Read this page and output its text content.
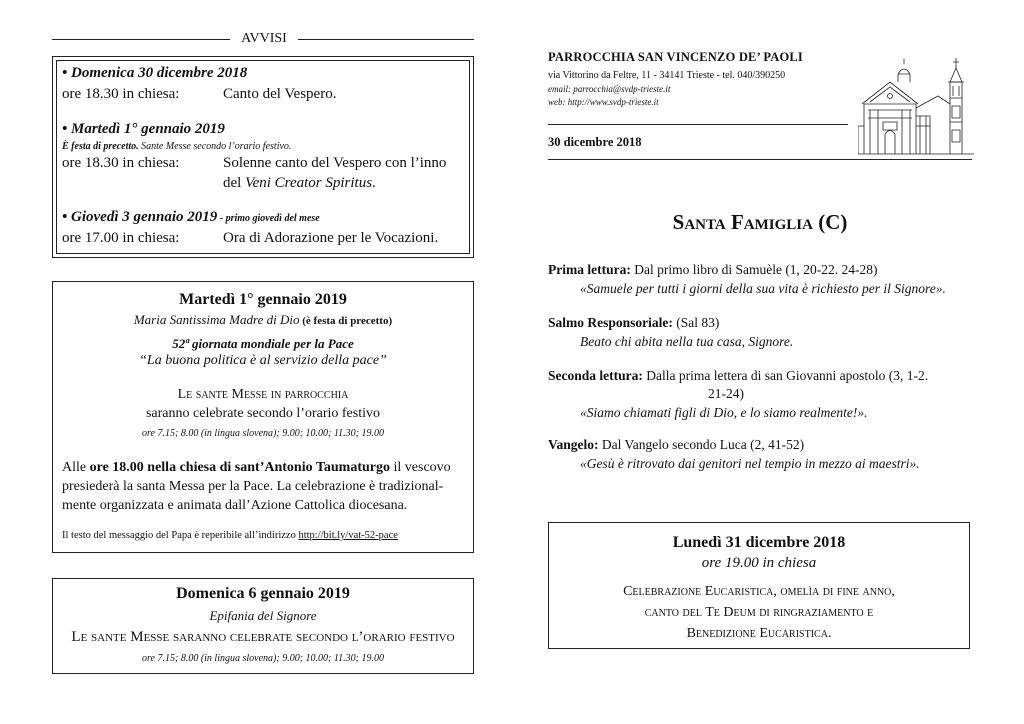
AVVISI
• Domenica 30 dicembre 2018
ore 18.30 in chiesa:	Canto del Vespero.
• Martedì 1° gennaio 2019
È festa di precetto. Sante Messe secondo l’orario festivo.
ore 18.30 in chiesa:	Solenne canto del Vespero con l’inno
del Veni Creator Spiritus.
• Giovedì 3 gennaio 2019 - primo giovedì del mese
ore 17.00 in chiesa:	Ora di Adorazione per le Vocazioni.
Martedì 1° gennaio 2019
Maria Santissima Madre di Dio (è festa di precetto)
52ª giornata mondiale per la Pace
“La buona politica è al servizio della pace”
Le sante Messe in parrocchia
saranno celebrate secondo l’orario festivo
ore 7.15; 8.00 (in lingua slovena); 9.00; 10.00; 11.30; 19.00
Alle ore 18.00 nella chiesa di sant’Antonio Taumaturgo il vescovo
presiederà la santa Messa per la Pace. La celebrazione è tradizional-
mente organizzata e animata dall’Azione Cattolica diocesana.
Il testo del messaggio del Papa è reperibile all’indirizzo http://bit.ly/vat-52-pace
Domenica 6 gennaio 2019
Epifania del Signore
Le sante Messe saranno celebrate secondo l’orario festivo
ore 7.15; 8.00 (in lingua slovena); 9.00; 10.00; 11.30; 19.00
PARROCCHIA SAN VINCENZO DE’ PAOLI
via Vittorino da Feltre, 11 - 34141 Trieste - tel. 040/390250
email: parrocchia@svdp-trieste.it
web: http://www.svdp-trieste.it
30 dicembre 2018
Santa Famiglia (C)
Prima lettura: Dal primo libro di Samuèle (1, 20-22. 24-28)
«Samuele per tutti i giorni della sua vita è richiesto per il Signore».
Salmo Responsoriale: (Sal 83)
Beato chi abita nella tua casa, Signore.
Seconda lettura: Dalla prima lettera di san Giovanni apostolo (3, 1-2.
21-24)
«Siamo chiamati figli di Dio, e lo siamo realmente!».
Vangelo: Dal Vangelo secondo Luca (2, 41-52)
«Gesù è ritrovato dai genitori nel tempio in mezzo ai maestri».
Lunedì 31 dicembre 2018
ore 19.00 in chiesa
Celebrazione Eucaristica, omelìa di fine anno,
canto del Te Deum di ringraziamento e
Benedizione Eucaristica.
